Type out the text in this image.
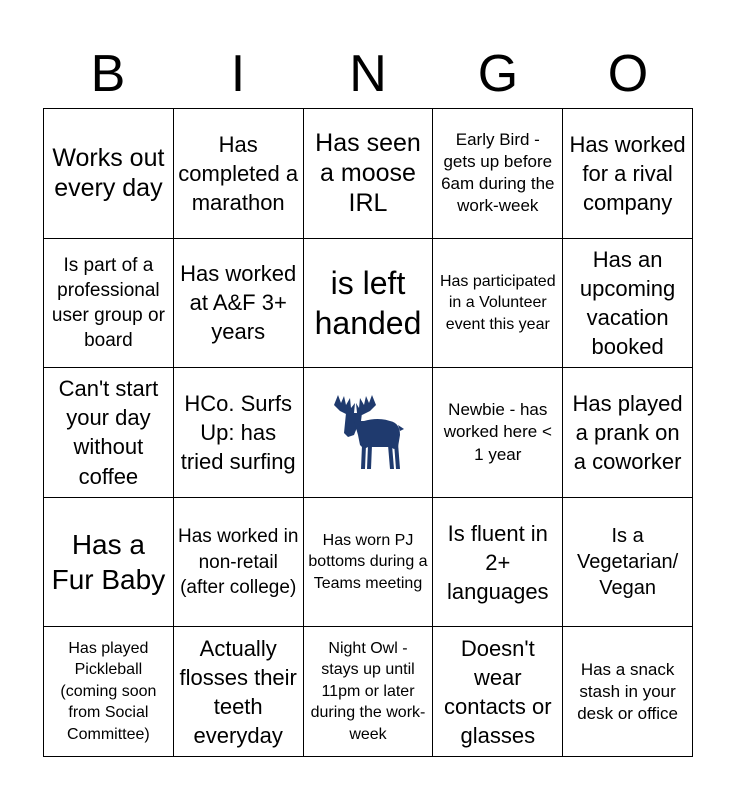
B	I	N	G	O
Works out every day
Has completed a marathon
Has seen a moose IRL
Early Bird - gets up before 6am during the work-week
Has worked for a rival company
Is part of a professional user group or board
Has worked at A&F 3+ years
is left handed
Has participated in a Volunteer event this year
Has an upcoming vacation booked
Can't start your day without coffee
HCo. Surfs Up: has tried surfing
Newbie - has worked here < 1 year
Has played a prank on a coworker
Has a Fur Baby
Has worked in non-retail (after college)
Has worn PJ bottoms during a Teams meeting
Is fluent in 2+ languages
Is a Vegetarian/ Vegan
Has played Pickleball (coming soon from Social Committee)
Actually flosses their teeth everyday
Night Owl - stays up until 11pm or later during the work-week
Doesn't wear contacts or glasses
Has a snack stash in your desk or office
